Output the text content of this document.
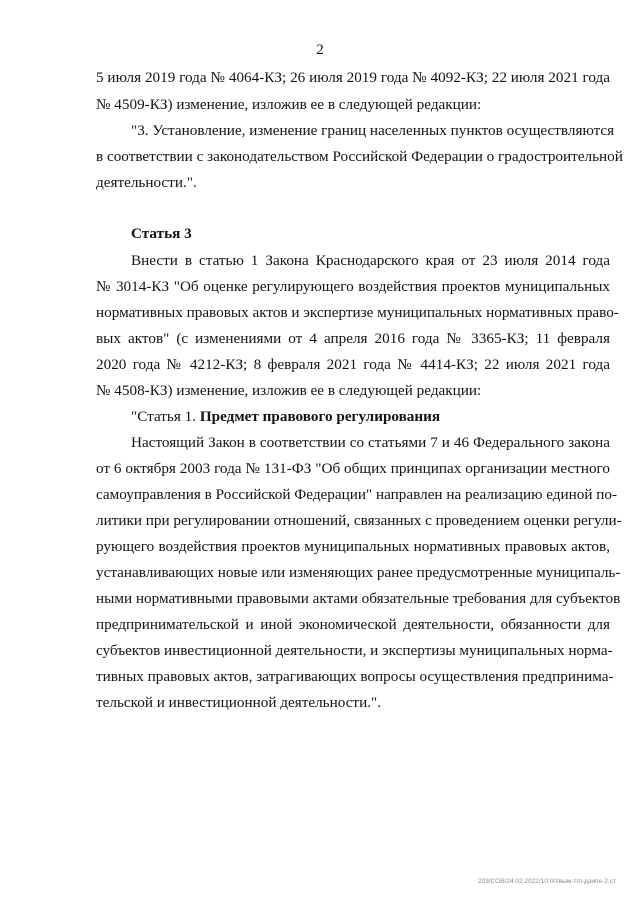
2
5 июля 2019 года № 4064-КЗ; 26 июля 2019 года № 4092-КЗ; 22 июля 2021 года
№ 4509-КЗ) изменение, изложив ее в следующей редакции:
"3. Установление, изменение границ населенных пунктов осуществляются
в соответствии с законодательством Российской Федерации о градостроительной
деятельности.".
Статья 3
Внести в статью 1 Закона Краснодарского края от 23 июля 2014 года
№ 3014-КЗ "Об оценке регулирующего воздействия проектов муниципальных
нормативных правовых актов и экспертизе муниципальных нормативных право-
вых актов" (с изменениями от 4 апреля 2016 года № 3365-КЗ; 11 февраля
2020 года № 4212-КЗ; 8 февраля 2021 года № 4414-КЗ; 22 июля 2021 года
№ 4508-КЗ) изменение, изложив ее в следующей редакции:
"Статья 1. Предмет правового регулирования
Настоящий Закон в соответствии со статьями 7 и 46 Федерального закона
от 6 октября 2003 года № 131-ФЗ "Об общих принципах организации местного
самоуправления в Российской Федерации" направлен на реализацию единой по-
литики при регулировании отношений, связанных с проведением оценки регули-
рующего воздействия проектов муниципальных нормативных правовых актов,
устанавливающих новые или изменяющих ранее предусмотренные муниципаль-
ными нормативными правовыми актами обязательные требования для субъектов
предпринимательской и иной экономической деятельности, обязанности для
субъектов инвестиционной деятельности, и экспертизы муниципальных норма-
тивных правовых актов, затрагивающих вопросы осуществления предпринима-
тельской и инвестиционной деятельности.".
203/СОВ/24.02.2022/10:00/вым-т/п-даипе-2.ст
